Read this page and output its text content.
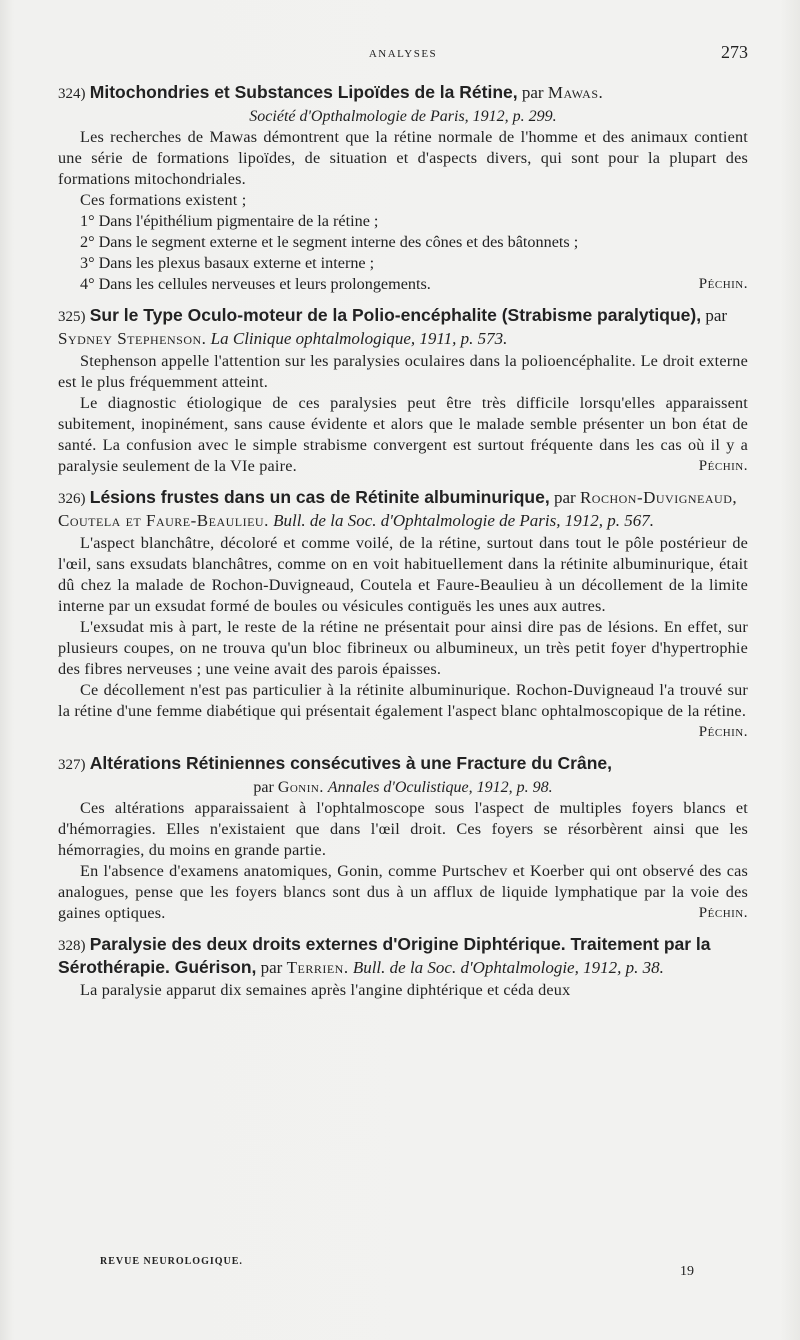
ANALYSES	273
324) Mitochondries et Substances Lipoïdes de la Rétine, par Mawas.
Société d'Opthalmologie de Paris, 1912, p. 299.

Les recherches de Mawas démontrent que la rétine normale de l'homme et des animaux contient une série de formations lipoïdes, de situation et d'aspects divers, qui sont pour la plupart des formations mitochondriales.

Ces formations existent ;

1° Dans l'épithélium pigmentaire de la rétine ;

2° Dans le segment externe et le segment interne des cônes et des bâtonnets ;

3° Dans les plexus basaux externe et interne ;

4° Dans les cellules nerveuses et leurs prolongements.	Péchin.

325) Sur le Type Oculo-moteur de la Polio-encéphalite (Strabisme paralytique), par Sydney Stephenson. La Clinique ophtalmologique, 1911, p. 573.

Stephenson appelle l'attention sur les paralysies oculaires dans la polioencéphalite. Le droit externe est le plus fréquemment atteint.

Le diagnostic étiologique de ces paralysies peut être très difficile lorsqu'elles apparaissent subitement, inopinément, sans cause évidente et alors que le malade semble présenter un bon état de santé. La confusion avec le simple strabisme convergent est surtout fréquente dans les cas où il y a paralysie seulement de la VIe paire.	Péchin.

326) Lésions frustes dans un cas de Rétinite albuminurique, par Rochon-Duvigneaud, Coutela et Faure-Beaulieu. Bull. de la Soc. d'Ophtalmologie de Paris, 1912, p. 567.

L'aspect blanchâtre, décoloré et comme voilé, de la rétine, surtout dans tout le pôle postérieur de l'œil, sans exsudats blanchâtres, comme on en voit habituellement dans la rétinite albuminurique, était dû chez la malade de Rochon-Duvigneaud, Coutela et Faure-Beaulieu à un décollement de la limite interne par un exsudat formé de boules ou vésicules contiguës les unes aux autres.

L'exsudat mis à part, le reste de la rétine ne présentait pour ainsi dire pas de lésions. En effet, sur plusieurs coupes, on ne trouva qu'un bloc fibrineux ou albumineux, un très petit foyer d'hypertrophie des fibres nerveuses ; une veine avait des parois épaisses.

Ce décollement n'est pas particulier à la rétinite albuminurique. Rochon-Duvigneaud l'a trouvé sur la rétine d'une femme diabétique qui présentait également l'aspect blanc ophtalmoscopique de la rétine.
Péchin.

327) Altérations Rétiniennes consécutives à une Fracture du Crâne,
par Gonin. Annales d'Oculistique, 1912, p. 98.

Ces altérations apparaissaient à l'ophtalmoscope sous l'aspect de multiples foyers blancs et d'hémorragies. Elles n'existaient que dans l'œil droit. Ces foyers se résorbèrent ainsi que les hémorragies, du moins en grande partie.

En l'absence d'examens anatomiques, Gonin, comme Purtschev et Koerber qui ont observé des cas analogues, pense que les foyers blancs sont dus à un afflux de liquide lymphatique par la voie des gaines optiques.	Péchin.

328) Paralysie des deux droits externes d'Origine Diphtérique. Traitement par la Sérothérapie. Guérison, par Terrien. Bull. de la Soc. d'Ophtalmologie, 1912, p. 38.

La paralysie apparut dix semaines après l'angine diphtérique et céda deux

REVUE NEUROLOGIQUE.
19
